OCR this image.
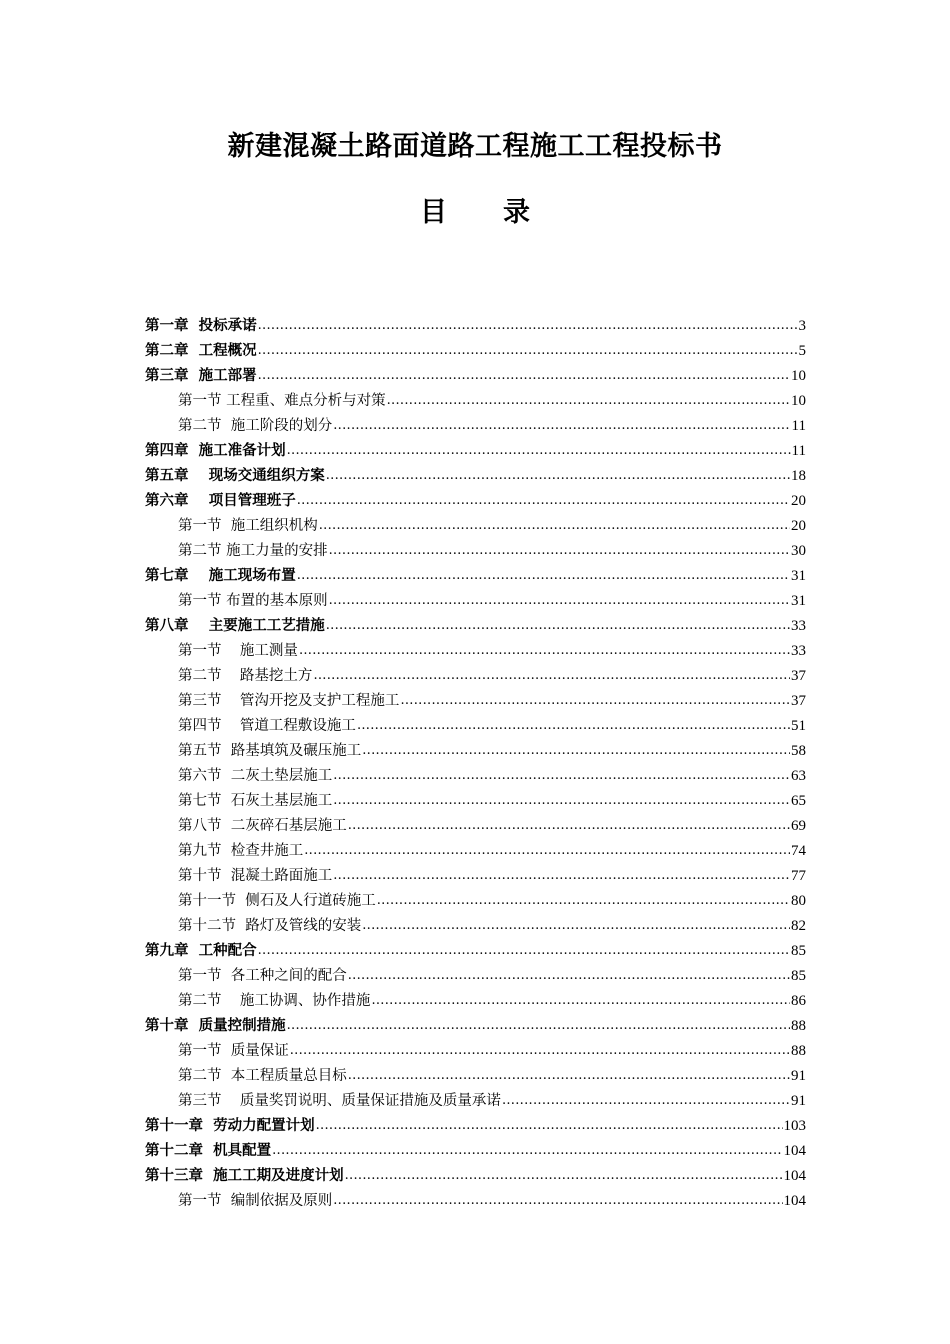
新建混凝土路面道路工程施工工程投标书
目录
第一章  投标承诺 .....	3
第二章  工程概况 .....	5
第三章  施工部署 .....	10
第一节 工程重、难点分析与对策 .....	10
第二节  施工阶段的划分 .....	11
第四章  施工准备计划 .....	11
第五章    现场交通组织方案 .....	18
第六章    项目管理班子 .....	20
第一节  施工组织机构 .....	20
第二节 施工力量的安排 .....	30
第七章    施工现场布置 .....	31
第一节 布置的基本原则 .....	31
第八章    主要施工工艺措施 .....	33
第一节    施工测量 .....	33
第二节    路基挖土方 .....	37
第三节    管沟开挖及支护工程施工 .....	37
第四节    管道工程敷设施工 .....	51
第五节  路基填筑及碾压施工 .....	58
第六节  二灰土垫层施工 .....	63
第七节  石灰土基层施工 .....	65
第八节  二灰碎石基层施工 .....	69
第九节  检查井施工 .....	74
第十节  混凝土路面施工 .....	77
第十一节  侧石及人行道砖施工 .....	80
第十二节  路灯及管线的安装 .....	82
第九章  工种配合 .....	85
第一节  各工种之间的配合 .....	85
第二节    施工协调、协作措施 .....	86
第十章  质量控制措施 .....	88
第一节  质量保证 .....	88
第二节  本工程质量总目标 .....	91
第三节    质量奖罚说明、质量保证措施及质量承诺 .....	91
第十一章  劳动力配置计划 .....	103
第十二章  机具配置 .....	104
第十三章  施工工期及进度计划 .....	104
第一节  编制依据及原则 .....	104
